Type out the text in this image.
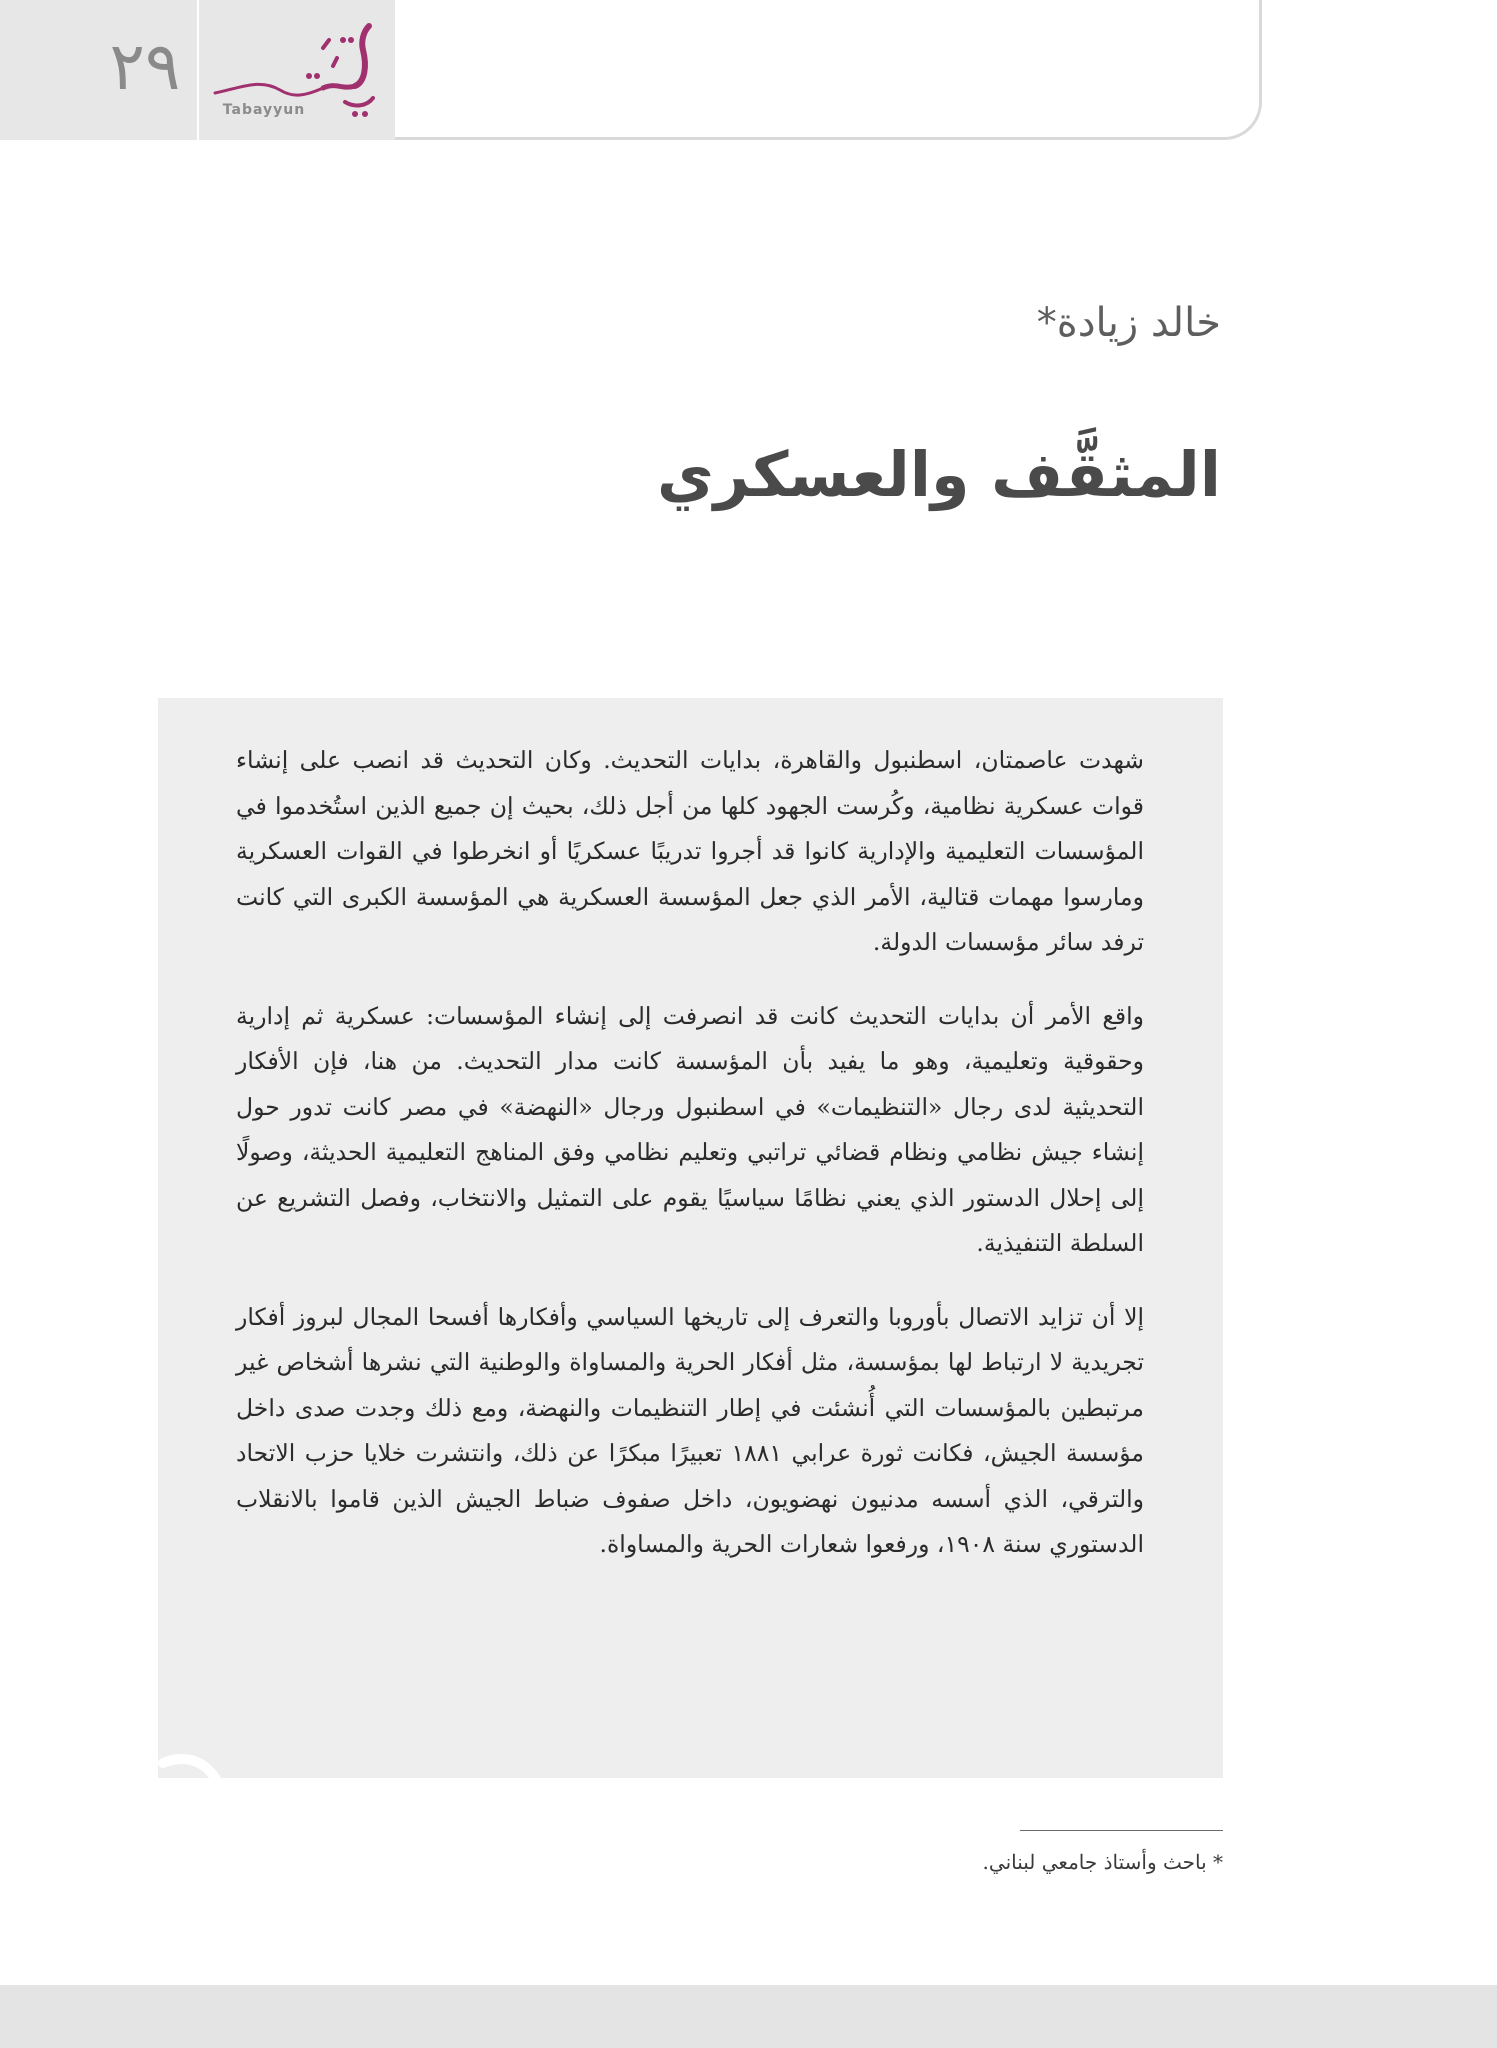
٢٩
Tabayyun
خالد زيادة*
المثقَّف والعسكري

شهدت عاصمتان، اسطنبول والقاهرة، بدايات التحديث. وكان التحديث قد انصب على إنشاء قوات عسكرية نظامية، وكُرست الجهود كلها من أجل ذلك، بحيث إن جميع الذين استُخدموا في المؤسسات التعليمية والإدارية كانوا قد أجروا تدريبًا عسكريًا أو انخرطوا في القوات العسكرية ومارسوا مهمات قتالية، الأمر الذي جعل المؤسسة العسكرية هي المؤسسة الكبرى التي كانت ترفد سائر مؤسسات الدولة.

واقع الأمر أن بدايات التحديث كانت قد انصرفت إلى إنشاء المؤسسات: عسكرية ثم إدارية وحقوقية وتعليمية، وهو ما يفيد بأن المؤسسة كانت مدار التحديث. من هنا، فإن الأفكار التحديثية لدى رجال «التنظيمات» في اسطنبول ورجال «النهضة» في مصر كانت تدور حول إنشاء جيش نظامي ونظام قضائي تراتبي وتعليم نظامي وفق المناهج التعليمية الحديثة، وصولًا إلى إحلال الدستور الذي يعني نظامًا سياسيًا يقوم على التمثيل والانتخاب، وفصل التشريع عن السلطة التنفيذية.

إلا أن تزايد الاتصال بأوروبا والتعرف إلى تاريخها السياسي وأفكارها أفسحا المجال لبروز أفكار تجريدية لا ارتباط لها بمؤسسة، مثل أفكار الحرية والمساواة والوطنية التي نشرها أشخاص غير مرتبطين بالمؤسسات التي أُنشئت في إطار التنظيمات والنهضة، ومع ذلك وجدت صدى داخل مؤسسة الجيش، فكانت ثورة عرابي ١٨٨١ تعبيرًا مبكرًا عن ذلك، وانتشرت خلايا حزب الاتحاد والترقي، الذي أسسه مدنيون نهضويون، داخل صفوف ضباط الجيش الذين قاموا بالانقلاب الدستوري سنة ١٩٠٨، ورفعوا شعارات الحرية والمساواة.

* باحث وأستاذ جامعي لبناني.
